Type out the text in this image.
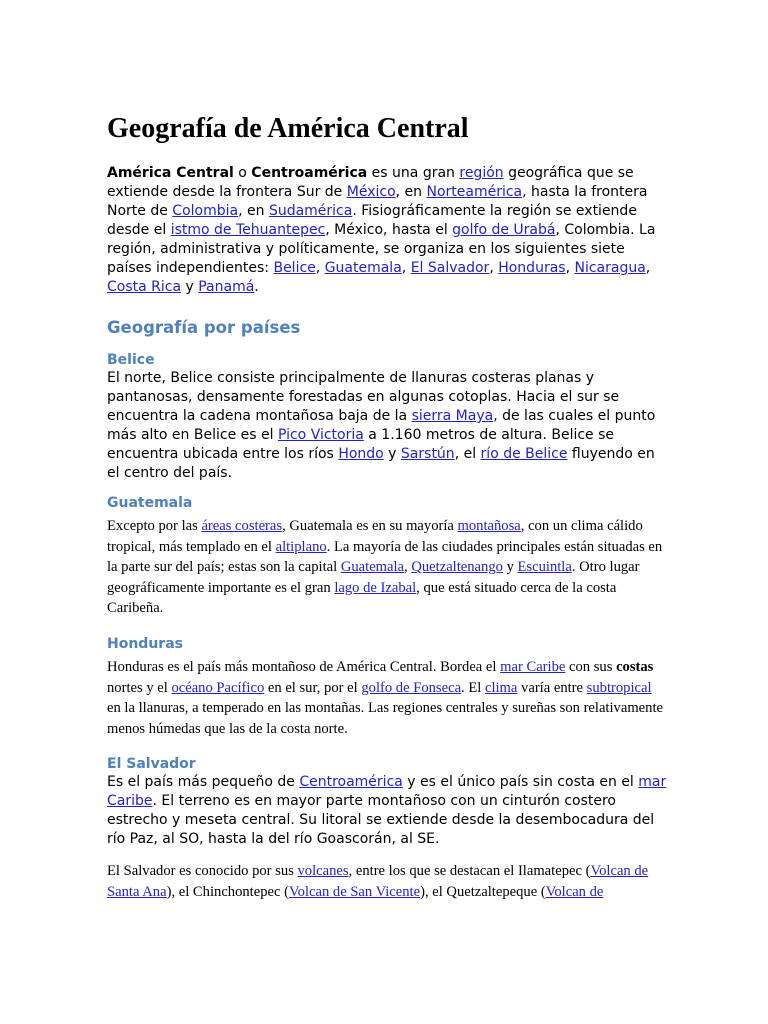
Geografía de América Central

América Central o Centroamérica es una gran región geográfica que se extiende desde la frontera Sur de México, en Norteamérica, hasta la frontera Norte de Colombia, en Sudamérica. Fisiográficamente la región se extiende desde el istmo de Tehuantepec, México, hasta el golfo de Urabá, Colombia. La región, administrativa y políticamente, se organiza en los siguientes siete países independientes: Belice, Guatemala, El Salvador, Honduras, Nicaragua, Costa Rica y Panamá.

Geografía por países
Belice

El norte, Belice consiste principalmente de llanuras costeras planas y pantanosas, densamente forestadas en algunas cotoplas. Hacia el sur se encuentra la cadena montañosa baja de la sierra Maya, de las cuales el punto más alto en Belice es el Pico Victoria a 1.160 metros de altura. Belice se encuentra ubicada entre los ríos Hondo y Sarstún, el río de Belice fluyendo en el centro del país.

Guatemala

Excepto por las áreas costeras, Guatemala es en su mayoría montañosa, con un clima cálido tropical, más templado en el altiplano. La mayoría de las ciudades principales están situadas en la parte sur del país; estas son la capital Guatemala, Quetzaltenango y Escuintla. Otro lugar geográficamente importante es el gran lago de Izabal, que está situado cerca de la costa Caribeña.

Honduras

Honduras es el país más montañoso de América Central. Bordea el mar Caribe con sus costas nortes y el océano Pacífico en el sur, por el golfo de Fonseca. El clima varía entre subtropical en la llanuras, a temperado en las montañas. Las regiones centrales y sureñas son relativamente menos húmedas que las de la costa norte.

El Salvador

Es el país más pequeño de Centroamérica y es el único país sin costa en el mar Caribe. El terreno es en mayor parte montañoso con un cinturón costero estrecho y meseta central. Su litoral se extiende desde la desembocadura del río Paz, al SO, hasta la del río Goascorán, al SE.

El Salvador es conocido por sus volcanes, entre los que se destacan el Ilamatepec (Volcan de Santa Ana), el Chinchontepec (Volcan de San Vicente), el Quetzaltepeque (Volcan de
